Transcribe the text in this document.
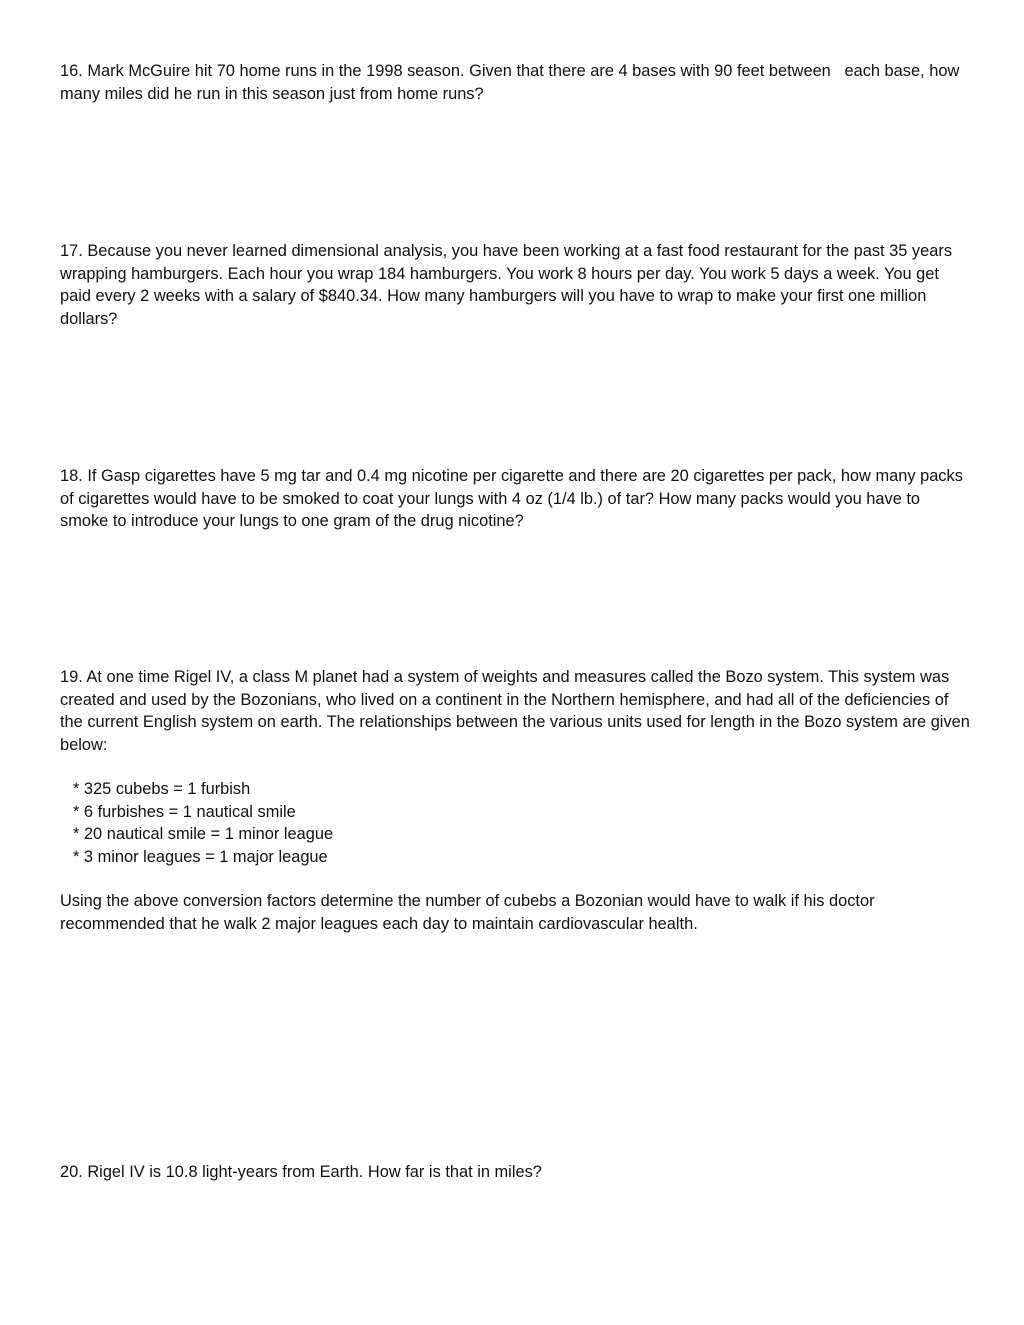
16. Mark McGuire hit 70 home runs in the 1998 season. Given that there are 4 bases with 90 feet between   each base, how many miles did he run in this season just from home runs?

17. Because you never learned dimensional analysis, you have been working at a fast food restaurant for the past 35 years wrapping hamburgers. Each hour you wrap 184 hamburgers. You work 8 hours per day. You work 5 days a week. You get paid every 2 weeks with a salary of $840.34. How many hamburgers will you have to wrap to make your first one million dollars?

18. If Gasp cigarettes have 5 mg tar and 0.4 mg nicotine per cigarette and there are 20 cigarettes per pack, how many packs of cigarettes would have to be smoked to coat your lungs with 4 oz (1/4 lb.) of tar? How many packs would you have to smoke to introduce your lungs to one gram of the drug nicotine?

19. At one time Rigel IV, a class M planet had a system of weights and measures called the Bozo system. This system was created and used by the Bozonians, who lived on a continent in the Northern hemisphere, and had all of the deficiencies of the current English system on earth. The relationships between the various units used for length in the Bozo system are given below:

* 325 cubebs = 1 furbish
* 6 furbishes = 1 nautical smile
* 20 nautical smile = 1 minor league
* 3 minor leagues = 1 major league

Using the above conversion factors determine the number of cubebs a Bozonian would have to walk if his doctor recommended that he walk 2 major leagues each day to maintain cardiovascular health.

20. Rigel IV is 10.8 light-years from Earth. How far is that in miles?
